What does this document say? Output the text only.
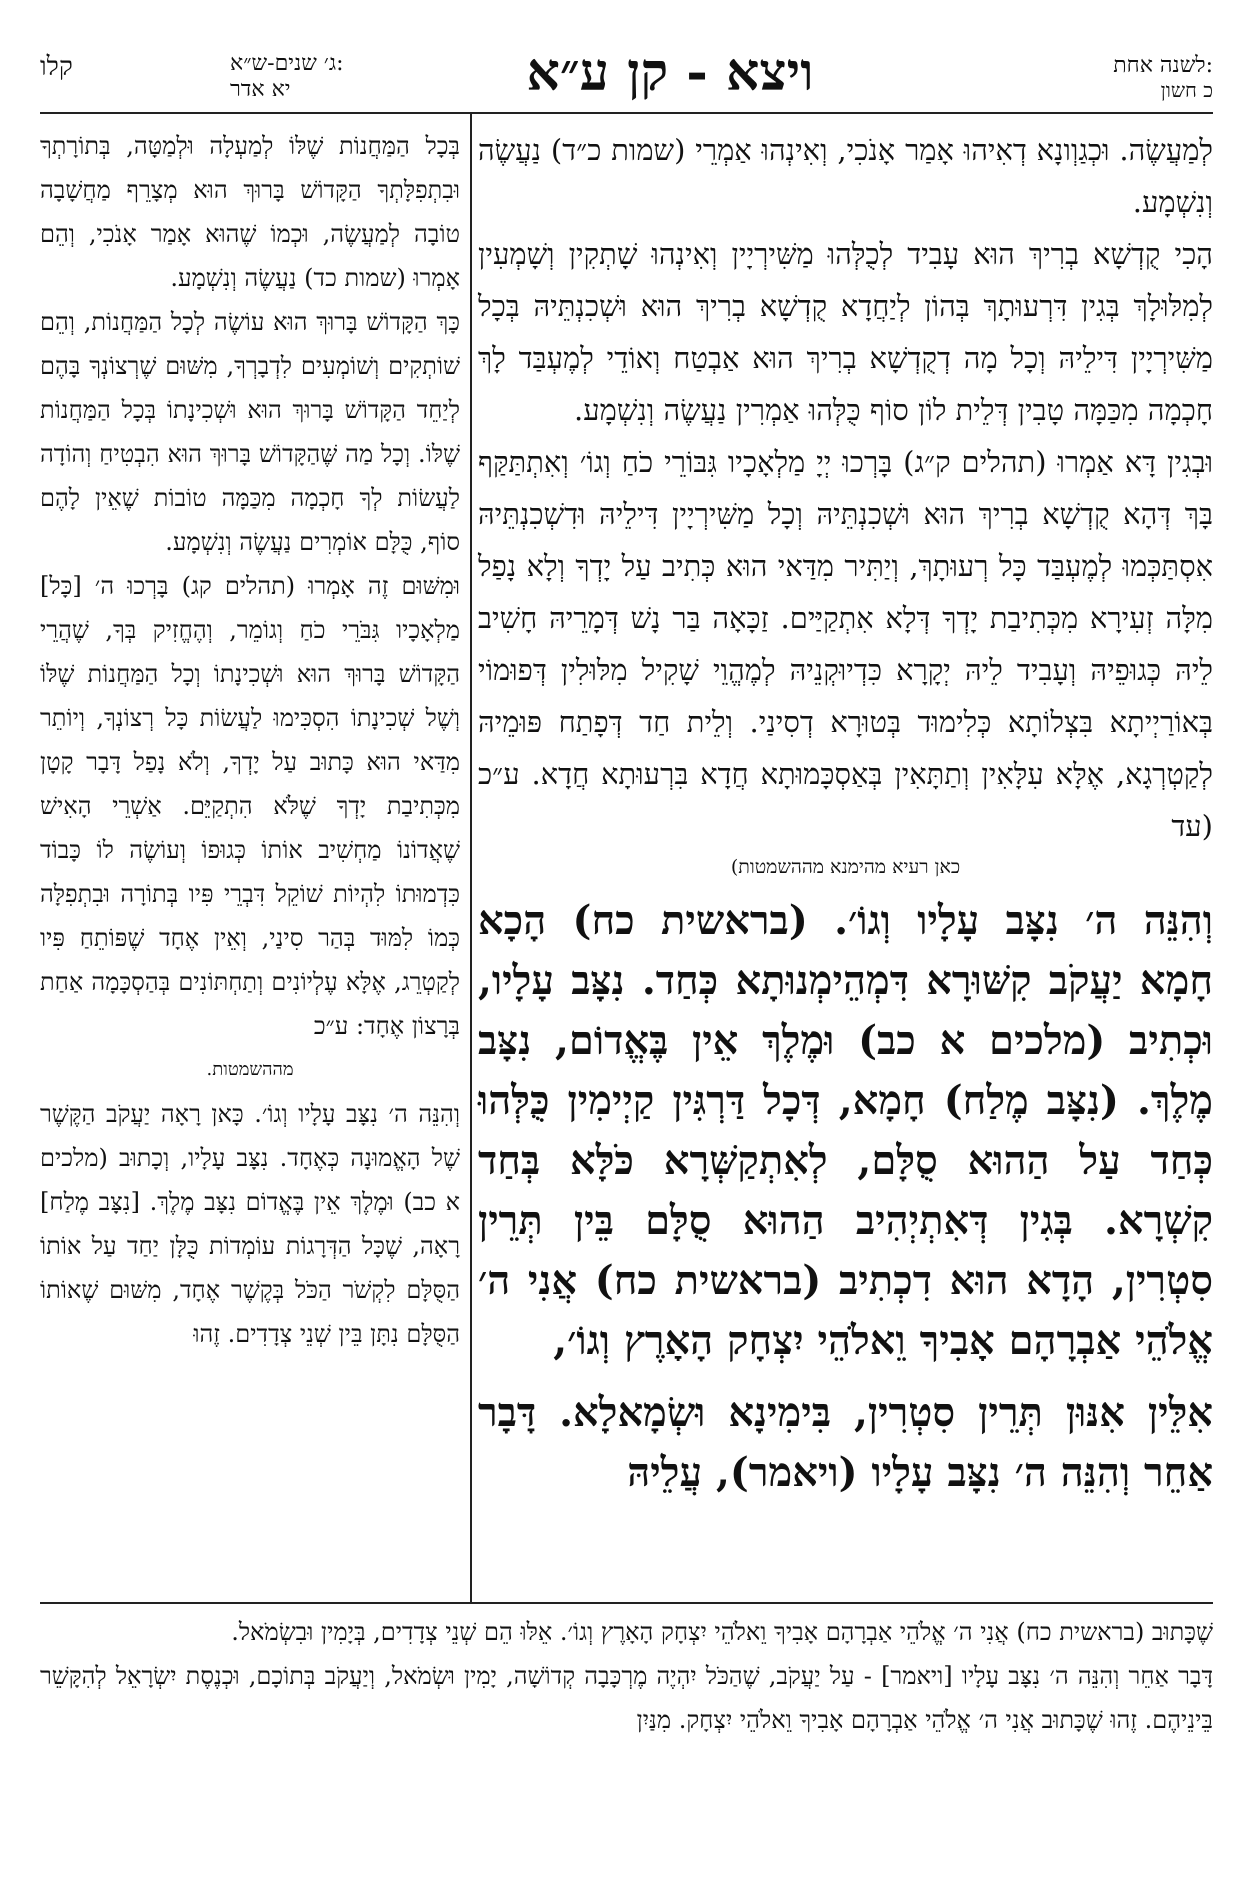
קלו	ג׳ שנים-ש״א:
יא אדר	ויצא - קן ע״א	לשנה אחת:
כ חשון

לְמַעֲשֶׂה. וּכְגַוְונָא דְאִיהוּ אָמַר אָנֹכִי, וְאִינְהוּ אַמְרֵי (שמות כ״ד) נַעֲשֶׂה וְנִשְׁמָע.

הָכִי קֻדְשָׁא בְרִיךְ הוּא עָבִיד לְכֻלְּהוּ מַשִּׁירְיָין וְאִינְהוּ שָׁתְקִין וְשָׁמְעִין לְמִלּוּלָךְ בְּגִין דִּרְעוּתָךְ בְּהוֹן לְיַחֲדָא קֻדְשָׁא בְרִיךְ הוּא וּשְׁכִנְתֵּיהּ בְּכָל מַשִּׁירְיָין דִּילֵיהּ וְכָל מָה דְקֻדְשָׁא בְרִיךְ הוּא אַבְטַח וְאוֹדֵי לְמֶעְבַּד לָךְ חָכְמָה מִכַּמָּה טָבִין דְּלֵית לוֹן סוֹף כֻּלְּהוּ אַמְרִין נַעֲשֶׂה וְנִשְׁמָע.

וּבְגִין דָּא אַמְרוּ (תהלים ק״ג) בָּרְכוּ יְיָ מַלְאָכָיו גִּבּוֹרֵי כֹחַ וְגוֹ׳ וְאִתְתַּקַּף בָּךְ דְּהָא קֻדְשָׁא בְרִיךְ הוּא וּשְׁכִנְתֵּיהּ וְכָל מַשִּׁירְיָין דִּילֵיהּ וּדִשְׁכִנְתֵּיהּ אִסְתַּכְּמוּ לְמֶעְבַּד כָּל רְעוּתָךְ, וְיַתִּיר מִדַּאי הוּא כְּתִיב עַל יָדְךָ וְלָא נָפַל מִלָּה זְעִירָא מִכְּתִיבַת יָדְךָ דְּלָא אִתְקַיַּים. זַכָּאָה בַּר נָשׁ דְּמָרֵיהּ חָשִׁיב לֵיהּ כְּגוּפֵיהּ וְעָבִיד לֵיהּ יְקָרָא כִּדְיוּקְנֵיהּ לְמֶהֱוֵי שָׁקִיל מִלּוּלִין דְּפוּמוֹי בְּאוֹרַיְיתָא בִּצְלוֹתָא כְּלִימוּד בְּטוּרָא דְסִינַי. וְלֵית חַד דְּפָתַח פּוּמֵיהּ לְקַטְרְגָא, אֶלָּא עִלָּאִין וְתַתָּאִין בְּאַסְכָּמוּתָא חֲדָא בִּרְעוּתָא חֲדָא. ע״כ (עד

כאן רעיא מהימנא מההשמטות)

וְהִנֵּה ה׳ נִצָּב עָלָיו וְגוֹ׳. (בראשית כח) הָכָא חָמָא יַעֲקֹב קִשּׁוּרָא דִּמְהֵימְנוּתָא כְּחַד. נִצָּב עָלָיו, וּכְתִיב (מלכים א כב) וּמֶלֶךְ אֵין בֶּאֱדוֹם, נִצָּב מֶלֶךְ. (נִצָּב מֶלַח) חָמָא, דְּכָל דַּרְגִּין קַיְימִין כֻּלְּהוּ כְּחַד עַל הַהוּא סֻלָּם, לְאִתְקַשְּׁרָא כֹּלָּא בְּחַד קִשְׁרָא. בְּגִין דְּאִתְיְהִיב הַהוּא סֻלָּם בֵּין תְּרֵין סִטְרִין, הָדָא הוּא דִכְתִיב (בראשית כח) אֲנִי ה׳ אֱלֹהֵי אַבְרָהָם אָבִיךָ וֵאלֹהֵי יִצְחָק הָאָרֶץ וְגוֹ׳,

אִלֵּין אִנּוּן תְּרֵין סִטְרִין, בִּימִינָא וּשְׂמָאלָא. דָּבָר אַחֵר וְהִנֵּה ה׳ נִצָּב עָלָיו (ויאמר), עֲלֵיהּ

בְּכָל הַמַּחֲנוֹת שֶׁלּוֹ לְמַעְלָה וּלְמַטָּה, בְּתוֹרָתְךָ וּבִתְפִלָּתְךָ הַקָּדוֹשׁ בָּרוּךְ הוּא מְצָרֵף מַחֲשָׁבָה טוֹבָה לְמַעֲשֶׂה, וּכְמוֹ שֶׁהוּא אָמַר אָנֹכִי, וְהֵם אָמְרוּ (שמות כד) נַעֲשֶׂה וְנִשְׁמָע.

כָּךְ הַקָּדוֹשׁ בָּרוּךְ הוּא עוֹשֶׂה לְכָל הַמַּחֲנוֹת, וְהֵם שׁוֹתְקִים וְשׁוֹמְעִים לִדְבָרְךָ, מִשּׁוּם שֶׁרְצוֹנְךָ בָּהֶם לְיַחֵד הַקָּדוֹשׁ בָּרוּךְ הוּא וּשְׁכִינָתוֹ בְּכָל הַמַּחֲנוֹת שֶׁלּוֹ. וְכָל מַה שֶּׁהַקָּדוֹשׁ בָּרוּךְ הוּא הִבְטִיחַ וְהוֹדָה לַעֲשׂוֹת לְךָ חָכְמָה מִכַּמָּה טוֹבוֹת שֶׁאֵין לָהֶם סוֹף, כֻּלָּם אוֹמְרִים נַעֲשֶׂה וְנִשְׁמָע.

וּמִשּׁוּם זֶה אָמְרוּ (תהלים קג) בָּרְכוּ ה׳ [כָּל] מַלְאָכָיו גִּבֹּרֵי כֹחַ וְגוֹמֵר, וְהֶחֱזִיק בְּךָ, שֶׁהֲרֵי הַקָּדוֹשׁ בָּרוּךְ הוּא וּשְׁכִינָתוֹ וְכָל הַמַּחֲנוֹת שֶׁלּוֹ וְשֶׁל שְׁכִינָתוֹ הִסְכִּימוּ לַעֲשׂוֹת כָּל רְצוֹנְךָ, וְיוֹתֵר מִדַּאי הוּא כָּתוּב עַל יָדְךָ, וְלֹא נָפַל דָּבָר קָטָן מִכְּתִיבַת יָדְךָ שֶׁלֹּא הִתְקַיֵּם. אַשְׁרֵי הָאִישׁ שֶׁאֲדוֹנוֹ מַחְשִׁיב אוֹתוֹ כְּגוּפוֹ וְעוֹשֶׂה לוֹ כָּבוֹד כִּדְמוּתוֹ לִהְיוֹת שׁוֹקֵל דִּבְרֵי פִּיו בְּתוֹרָה וּבִתְפִלָּה כְּמוֹ לִמּוּד בְּהַר סִינַי, וְאֵין אֶחָד שֶׁפּוֹתֵחַ פִּיו לְקַטְרֵג, אֶלָּא עֶלְיוֹנִים וְתַחְתּוֹנִים בְּהַסְכָּמָה אַחַת בְּרָצוֹן אֶחָד: ע״כ

מההשמטות.

וְהִנֵּה ה׳ נִצָּב עָלָיו וְגוֹ׳. כָּאן רָאָה יַעֲקֹב הַקֶּשֶׁר שֶׁל הָאֱמוּנָה כְּאֶחָד. נִצָּב עָלָיו, וְכָתוּב (מלכים א כב) וּמֶלֶךְ אֵין בֶּאֱדוֹם נִצָּב מֶלֶךְ. [נִצָּב מֶלַח] רָאָה, שֶׁכָּל הַדְּרָגוֹת עוֹמְדוֹת כֻּלָּן יַחַד עַל אוֹתוֹ הַסֻּלָּם לִקְשֹׁר הַכֹּל בְּקֶשֶׁר אֶחָד, מִשּׁוּם שֶׁאוֹתוֹ הַסֻּלָּם נִתָּן בֵּין שְׁנֵי צְדָדִים. זֶהוּ

שֶׁכָּתוּב (בראשית כח) אֲנִי ה׳ אֱלֹהֵי אַבְרָהָם אָבִיךָ וֵאלֹהֵי יִצְחָק הָאָרֶץ וְגוֹ׳. אֵלּוּ הֵם שְׁנֵי צְדָדִים, בְּיָמִין וּבִשְׂמֹאל.

דָּבָר אַחֵר וְהִנֵּה ה׳ נִצָּב עָלָיו [ויאמר] - עַל יַעֲקֹב, שֶׁהַכֹּל יִהְיֶה מֶרְכָּבָה קְדוֹשָׁה, יָמִין וּשְׂמֹאל, וְיַעֲקֹב בְּתוֹכָם, וּכְנֶסֶת יִשְׂרָאֵל לְהִקָּשֵׁר בֵּינֵיהֶם. זֶהוּ שֶׁכָּתוּב אֲנִי ה׳ אֱלֹהֵי אַבְרָהָם אָבִיךָ וֵאלֹהֵי יִצְחָק. מִנַּיִן
